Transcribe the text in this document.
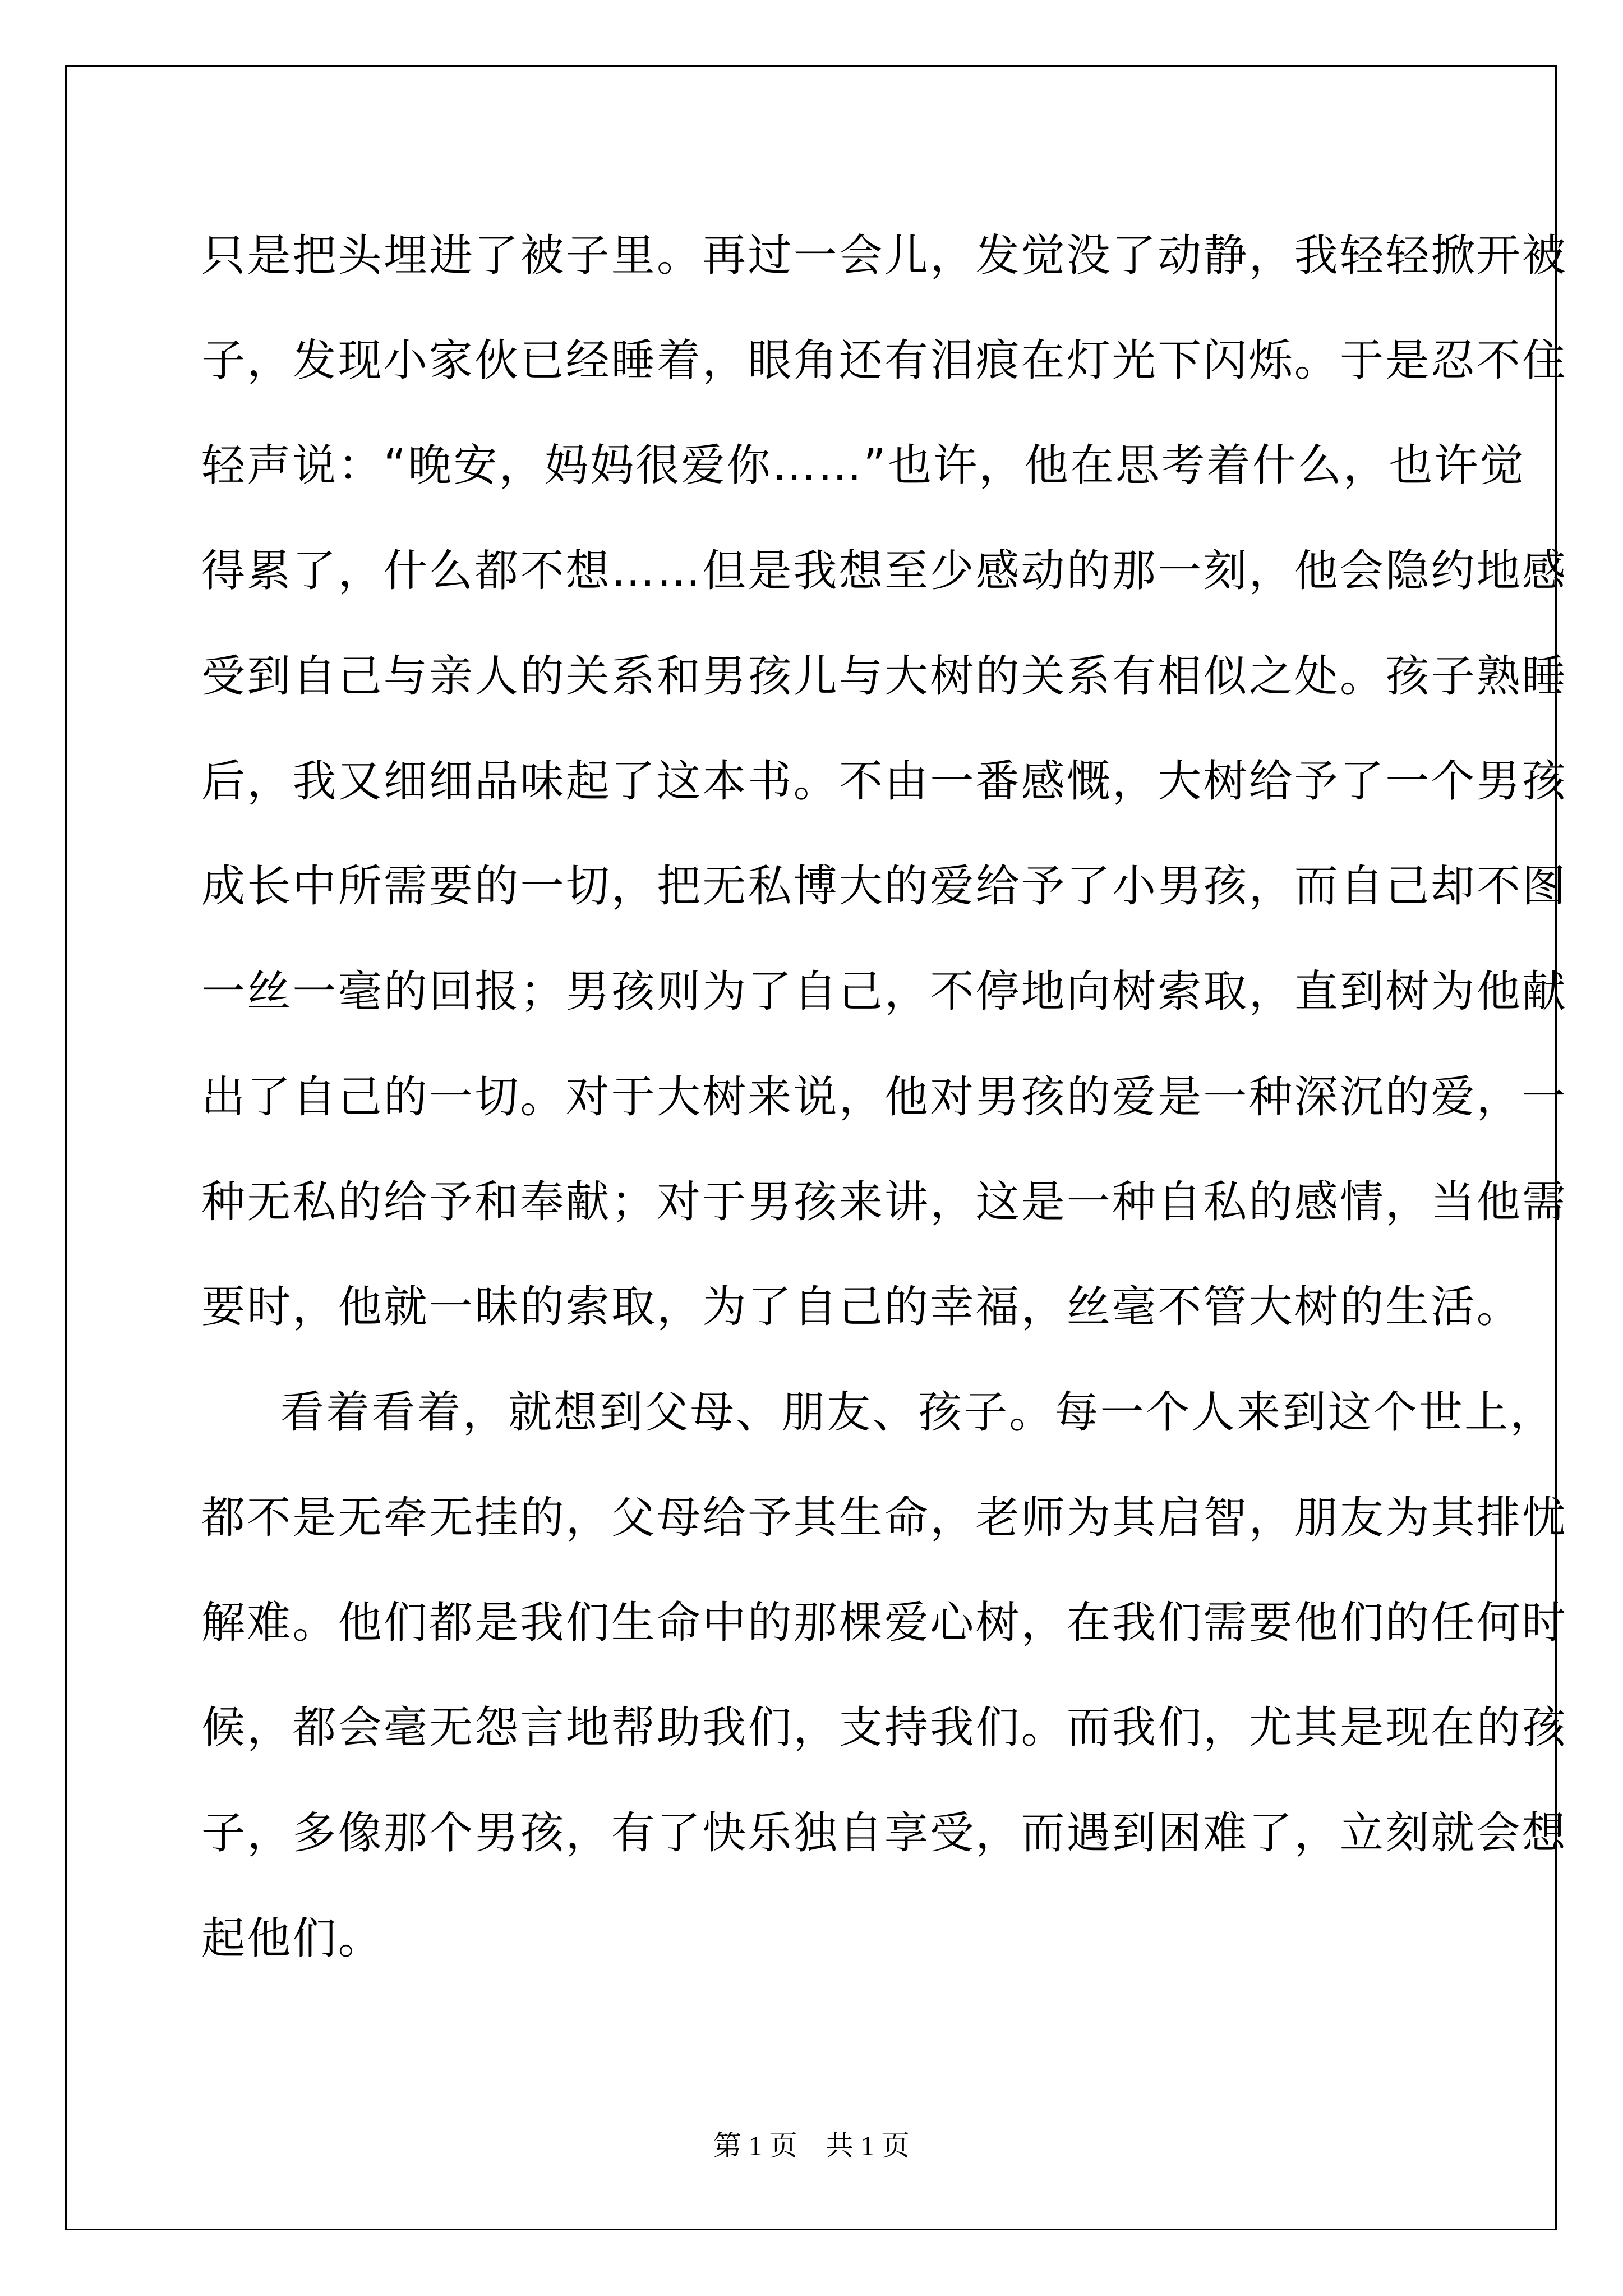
只是把头埋进了被子里。再过一会儿，发觉没了动静，我轻轻掀开被

子，发现小家伙已经睡着，眼角还有泪痕在灯光下闪烁。于是忍不住

轻声说：“晚安，妈妈很爱你……”也许，他在思考着什么，也许觉

得累了，什么都不想……但是我想至少感动的那一刻，他会隐约地感

受到自己与亲人的关系和男孩儿与大树的关系有相似之处。孩子熟睡

后，我又细细品味起了这本书。不由一番感慨，大树给予了一个男孩

成长中所需要的一切，把无私博大的爱给予了小男孩，而自己却不图

一丝一毫的回报；男孩则为了自己，不停地向树索取，直到树为他献

出了自己的一切。对于大树来说，他对男孩的爱是一种深沉的爱，一

种无私的给予和奉献；对于男孩来讲，这是一种自私的感情，当他需

要时，他就一昧的索取，为了自己的幸福，丝毫不管大树的生活。

看着看着，就想到父母、朋友、孩子。每一个人来到这个世上，

都不是无牵无挂的，父母给予其生命，老师为其启智，朋友为其排忧

解难。他们都是我们生命中的那棵爱心树，在我们需要他们的任何时

候，都会毫无怨言地帮助我们，支持我们。而我们，尤其是现在的孩

子，多像那个男孩，有了快乐独自享受，而遇到困难了，立刻就会想

起他们。

第 1 页　共 1 页
